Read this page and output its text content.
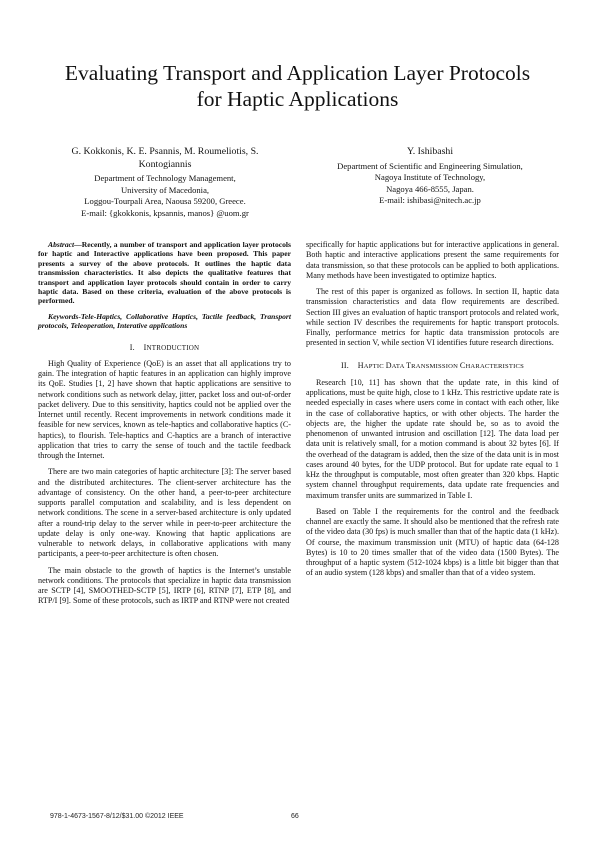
Evaluating Transport and Application Layer Protocols
for Haptic Applications
G. Kokkonis, K. E. Psannis, M. Roumeliotis, S.
Kontogiannis
Department of Technology Management,
University of Macedonia,
Loggou-Tourpali Area, Naousa 59200, Greece.
E-mail: {gkokkonis, kpsannis, manos} @uom.gr
Y. Ishibashi
Department of Scientific and Engineering Simulation,
Nagoya Institute of Technology,
Nagoya 466-8555, Japan.
E-mail: ishibasi@nitech.ac.jp

Abstract—Recently, a number of transport and application layer protocols for haptic and Interactive applications have been proposed. This paper presents a survey of the above protocols. It outlines the haptic data transmission characteristics. It also depicts the qualitative features that transport and application layer protocols should contain in order to carry haptic data. Based on these criteria, evaluation of the above protocols is performed.

Keywords-Tele-Haptics, Collaborative Haptics, Tactile feedback, Transport protocols, Teleoperation, Interative applications

I. INTRODUCTION

High Quality of Experience (QoE) is an asset that all applications try to gain. The integration of haptic features in an application can highly improve its QoE. Studies [1, 2] have shown that haptic applications are sensitive to network conditions such as network delay, jitter, packet loss and out-of-order packet delivery. Due to this sensitivity, haptics could not be applied over the Internet until recently. Recent improvements in network conditions made it feasible for new services, known as tele-haptics and collaborative haptics (C-haptics), to flourish. Tele-haptics and C-haptics are a branch of interactive application that tries to carry the sense of touch and the tactile feedback through the Internet.

There are two main categories of haptic architecture [3]: The server based and the distributed architectures. The client-server architecture has the advantage of consistency. On the other hand, a peer-to-peer architecture supports parallel computation and scalability, and is less dependent on network conditions. The scene in a server-based architecture is only updated after a round-trip delay to the server while in peer-to-peer architecture the update delay is only one-way. Knowing that haptic applications are vulnerable to network delays, in collaborative applications with many participants, a peer-to-peer architecture is often chosen.

The main obstacle to the growth of haptics is the Internet’s unstable network conditions. The protocols that specialize in haptic data transmission are SCTP [4], SMOOTHED-SCTP [5], IRTP [6], RTNP [7], ETP [8], and RTP/I [9]. Some of these protocols, such as IRTP and RTNP were not created

specifically for haptic applications but for interactive applications in general. Both haptic and interactive applications present the same requirements for data transmission, so that these protocols can be applied to both applications. Many methods have been investigated to optimize haptics.

The rest of this paper is organized as follows. In section II, haptic data transmission characteristics and data flow requirements are described. Section III gives an evaluation of haptic transport protocols and related work, while section IV describes the requirements for haptic transport protocols. Finally, performance metrics for haptic data transmission protocols are presented in section V, while section VI identifies future research directions.

II. HAPTIC DATA TRANSMISSION CHARACTERISTICS

Research [10, 11] has shown that the update rate, in this kind of applications, must be quite high, close to 1 kHz. This restrictive update rate is needed especially in cases where users come in contact with each other, like in the case of collaborative haptics, or with other objects. The harder the objects are, the higher the update rate should be, so as to avoid the phenomenon of unwanted intrusion and oscillation [12]. The data load per data unit is relatively small, for a motion command is about 32 bytes [6]. If the overhead of the datagram is added, then the size of the data unit is in most cases around 40 bytes, for the UDP protocol. But for update rate equal to 1 kHz the throughput is computable, most often greater than 320 kbps. Haptic system channel throughput requirements, data update rate frequencies and maximum transfer units are summarized in Table I.

Based on Table I the requirements for the control and the feedback channel are exactly the same. It should also be mentioned that the refresh rate of the video data (30 fps) is much smaller than that of the haptic data (1 kHz). Of course, the maximum transmission unit (MTU) of haptic data (64-128 Bytes) is 10 to 20 times smaller that of the video data (1500 Bytes). The throughput of a haptic system (512-1024 kbps) is a little bit bigger than that of an audio system (128 kbps) and smaller than that of a video system.

978-1-4673-1567-8/12/$31.00 ©2012 IEEE	66
